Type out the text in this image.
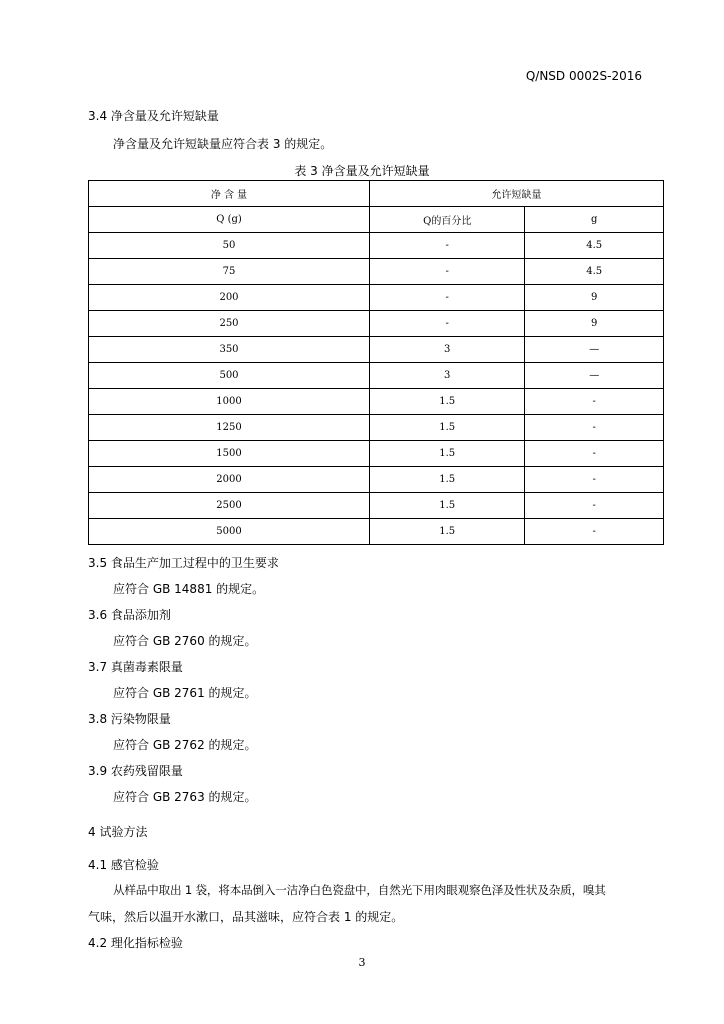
Q/NSD 0002S-2016
3.4 净含量及允许短缺量
净含量及允许短缺量应符合表 3 的规定。
表 3 净含量及允许短缺量
净 含 量	允许短缺量	
Q (g)	Q的百分比	g
50	-	4.5
75	-	4.5
200	-	9
250	-	9
350	3	—
500	3	—
1000	1.5	-
1250	1.5	-
1500	1.5	-
2000	1.5	-
2500	1.5	-
5000	1.5	-
3.5 食品生产加工过程中的卫生要求
应符合 GB 14881 的规定。
3.6 食品添加剂
应符合 GB 2760 的规定。
3.7 真菌毒素限量
应符合 GB 2761 的规定。
3.8 污染物限量
应符合 GB 2762 的规定。
3.9 农药残留限量
应符合 GB 2763 的规定。
4 试验方法
4.1 感官检验
从样品中取出 1 袋，将本品倒入一洁净白色瓷盘中，自然光下用肉眼观察色泽及性状及杂质，嗅其
气味，然后以温开水漱口，品其滋味，应符合表 1 的规定。
4.2 理化指标检验
3
